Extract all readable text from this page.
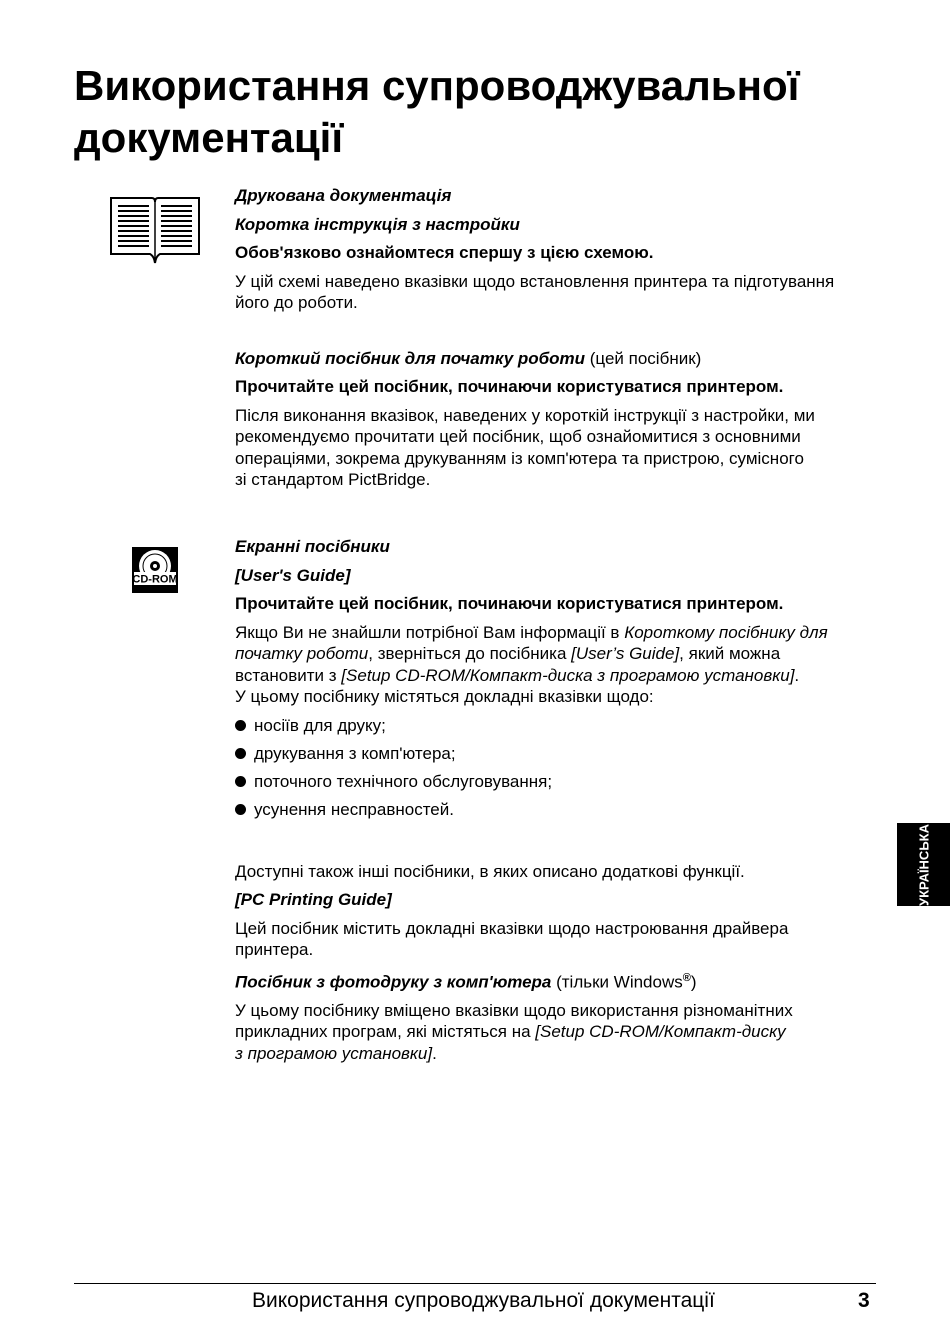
Використання супроводжувальної
документації
CD-ROM

Друкована документація

Коротка інструкція з настройки

Обов'язково ознайомтеся спершу з цією схемою.

У цій схемі наведено вказівки щодо встановлення принтера та підготування
його до роботи.

Короткий посібник для початку роботи (цей посібник)

Прочитайте цей посібник, починаючи користуватися принтером.

Після виконання вказівок, наведених у короткій інструкції з настройки, ми
рекомендуємо прочитати цей посібник, щоб ознайомитися з основними
операціями, зокрема друкуванням із комп'ютера та пристрою, сумісного
зі стандартом PictBridge.

Екранні посібники

[User's Guide]

Прочитайте цей посібник, починаючи користуватися принтером.

Якщо Ви не знайшли потрібної Вам інформації в Короткому посібнику для
початку роботи, зверніться до посібника [User’s Guide], який можна
встановити з [Setup CD-ROM/Компакт-диска з програмою установки].
У цьому посібнику містяться докладні вказівки щодо:

носіїв для друку;
друкування з комп'ютера;
поточного технічного обслуговування;
усунення несправностей.

Доступні також інші посібники, в яких описано додаткові функції.

[PC Printing Guide]

Цей посібник містить докладні вказівки щодо настроювання драйвера
принтера.

Посібник з фотодруку з комп'ютера (тільки Windows®)

У цьому посібнику вміщено вказівки щодо використання різноманітних
прикладних програм, які містяться на [Setup CD-ROM/Компакт-диску
з програмою установки].

УКРАЇНСЬКА
Використання супроводжувальної документації	3
